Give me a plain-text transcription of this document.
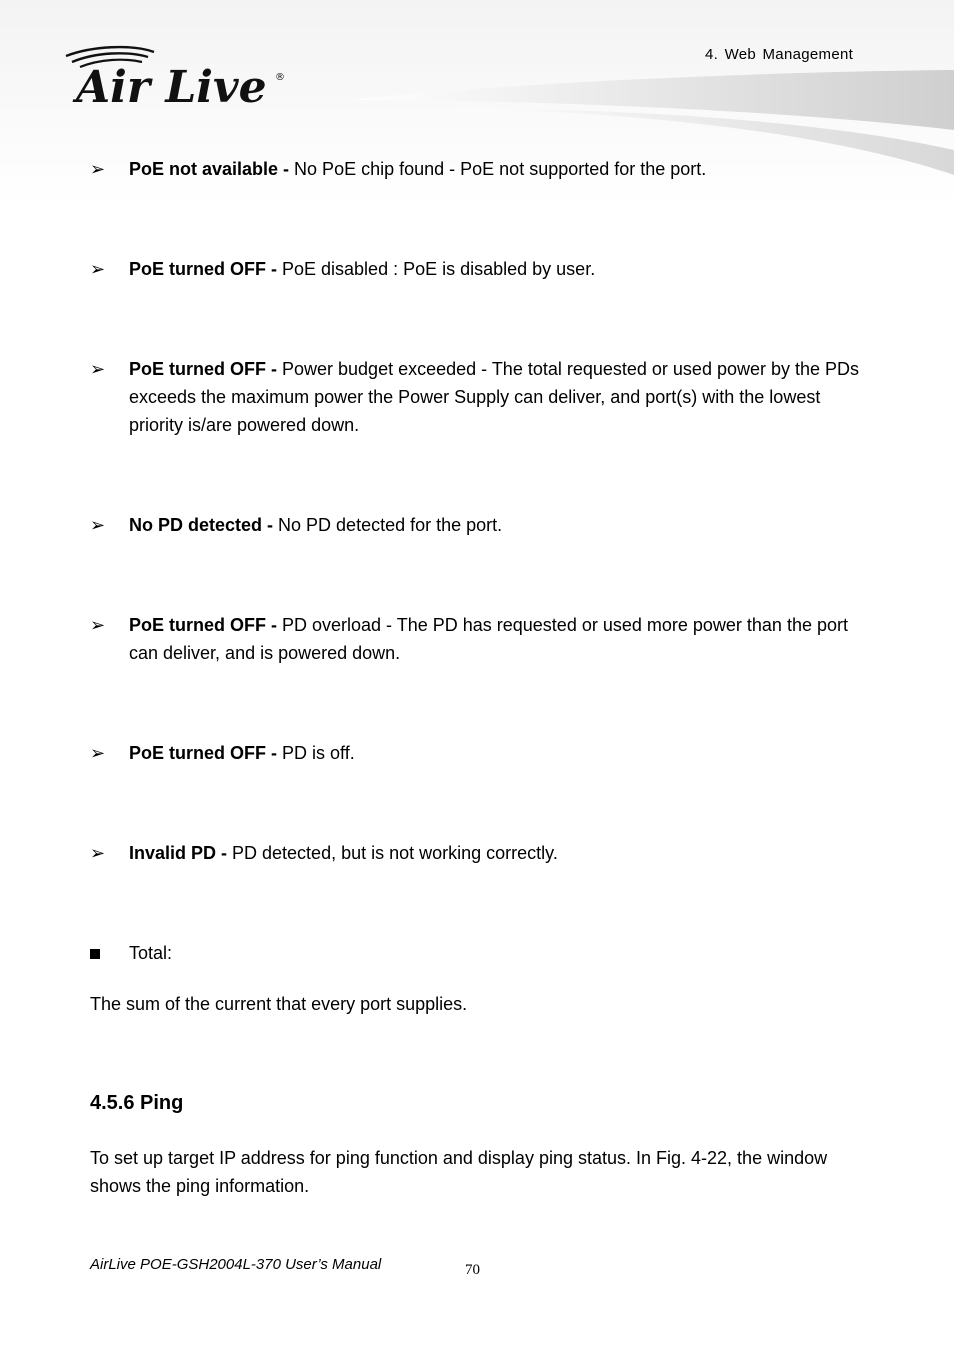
Air Live ®
4. Web Management
➢ PoE not available - No PoE chip found - PoE not supported for the port.
➢ PoE turned OFF - PoE disabled : PoE is disabled by user.
➢ PoE turned OFF - Power budget exceeded - The total requested or used power by the PDs    exceeds the maximum power the Power Supply can deliver, and port(s) with the lowest priority is/are powered down.
➢ No PD detected - No PD detected for the port.
➢ PoE turned OFF - PD overload - The PD has requested or used more power than the port can deliver, and is powered down.
➢ PoE turned OFF - PD is off.
➢ Invalid PD - PD detected, but is not working correctly.
Total:
The sum of the current that every port supplies.
4.5.6 Ping
To set up target IP address for ping function and display ping status. In Fig. 4-22, the window shows the ping information.
AirLive POE-GSH2004L-370 User’s Manual	70
